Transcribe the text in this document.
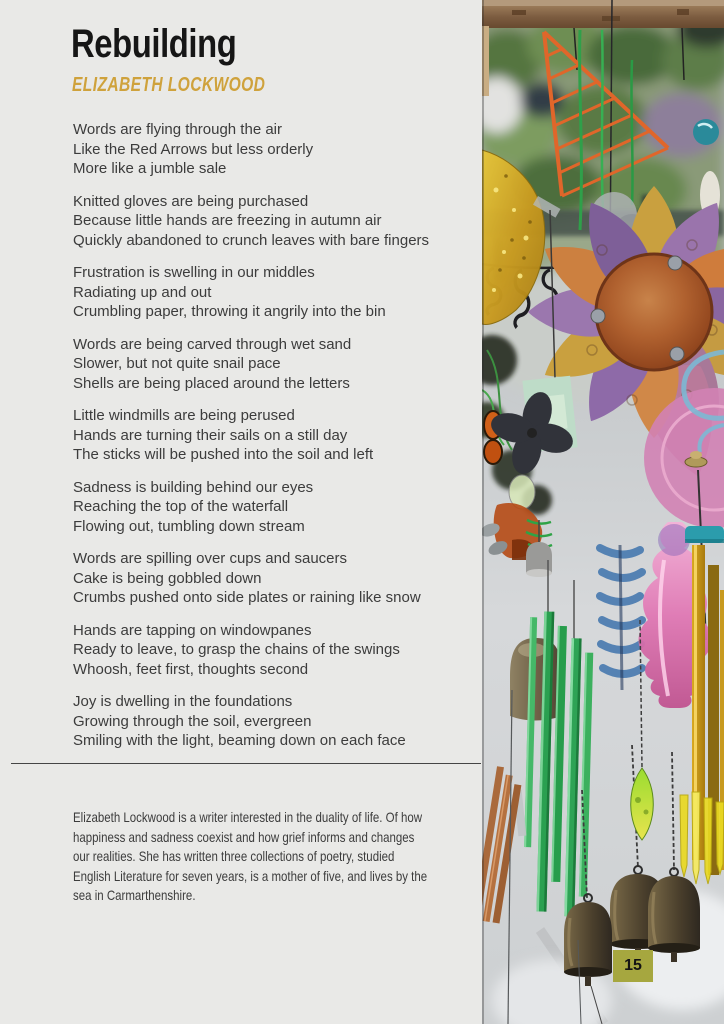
Rebuilding
ELIZABETH LOCKWOOD
Words are flying through the air
Like the Red Arrows but less orderly
More like a jumble sale
Knitted gloves are being purchased
Because little hands are freezing in autumn air
Quickly abandoned to crunch leaves with bare fingers
Frustration is swelling in our middles
Radiating up and out
Crumbling paper, throwing it angrily into the bin
Words are being carved through wet sand
Slower, but not quite snail pace
Shells are being placed around the letters
Little windmills are being perused
Hands are turning their sails on a still day
The sticks will be pushed into the soil and left
Sadness is building behind our eyes
Reaching the top of the waterfall
Flowing out, tumbling down stream
Words are spilling over cups and saucers
Cake is being gobbled down
Crumbs pushed onto side plates or raining like snow
Hands are tapping on windowpanes
Ready to leave, to grasp the chains of the swings
Whoosh, feet first, thoughts second
Joy is dwelling in the foundations
Growing through the soil, evergreen
Smiling with the light, beaming down on each face

Elizabeth Lockwood is a writer interested in the duality of life. Of how
happiness and sadness coexist and how grief informs and changes
our realities. She has written three collections of poetry, studied
English Literature for seven years, is a mother of five, and lives by the
sea in Carmarthenshire.

15
